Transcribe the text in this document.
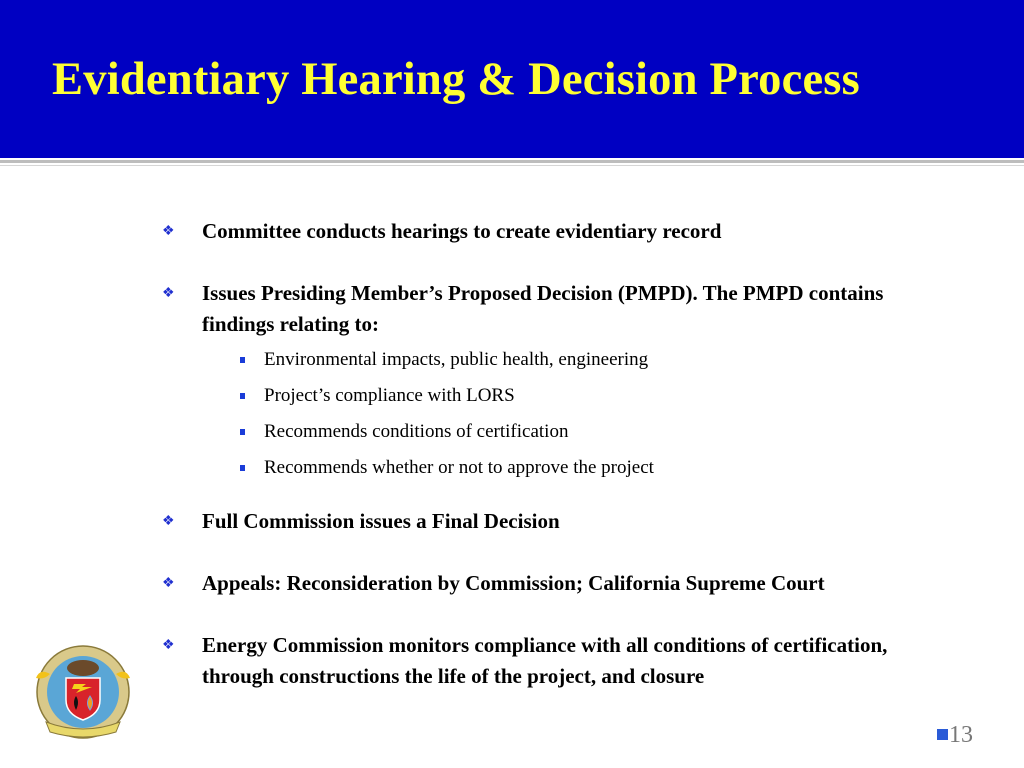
Evidentiary Hearing & Decision Process
❖ Committee conducts hearings to create evidentiary record
❖ Issues Presiding Member’s Proposed Decision (PMPD). The PMPD contains findings relating to:
Environmental impacts, public health, engineering
Project’s compliance with LORS
Recommends conditions of certification
Recommends whether or not to approve the project
❖ Full Commission issues a Final Decision
❖ Appeals: Reconsideration by Commission; California Supreme Court
❖ Energy Commission monitors compliance with all conditions of certification, through constructions the life of the project, and closure
13
